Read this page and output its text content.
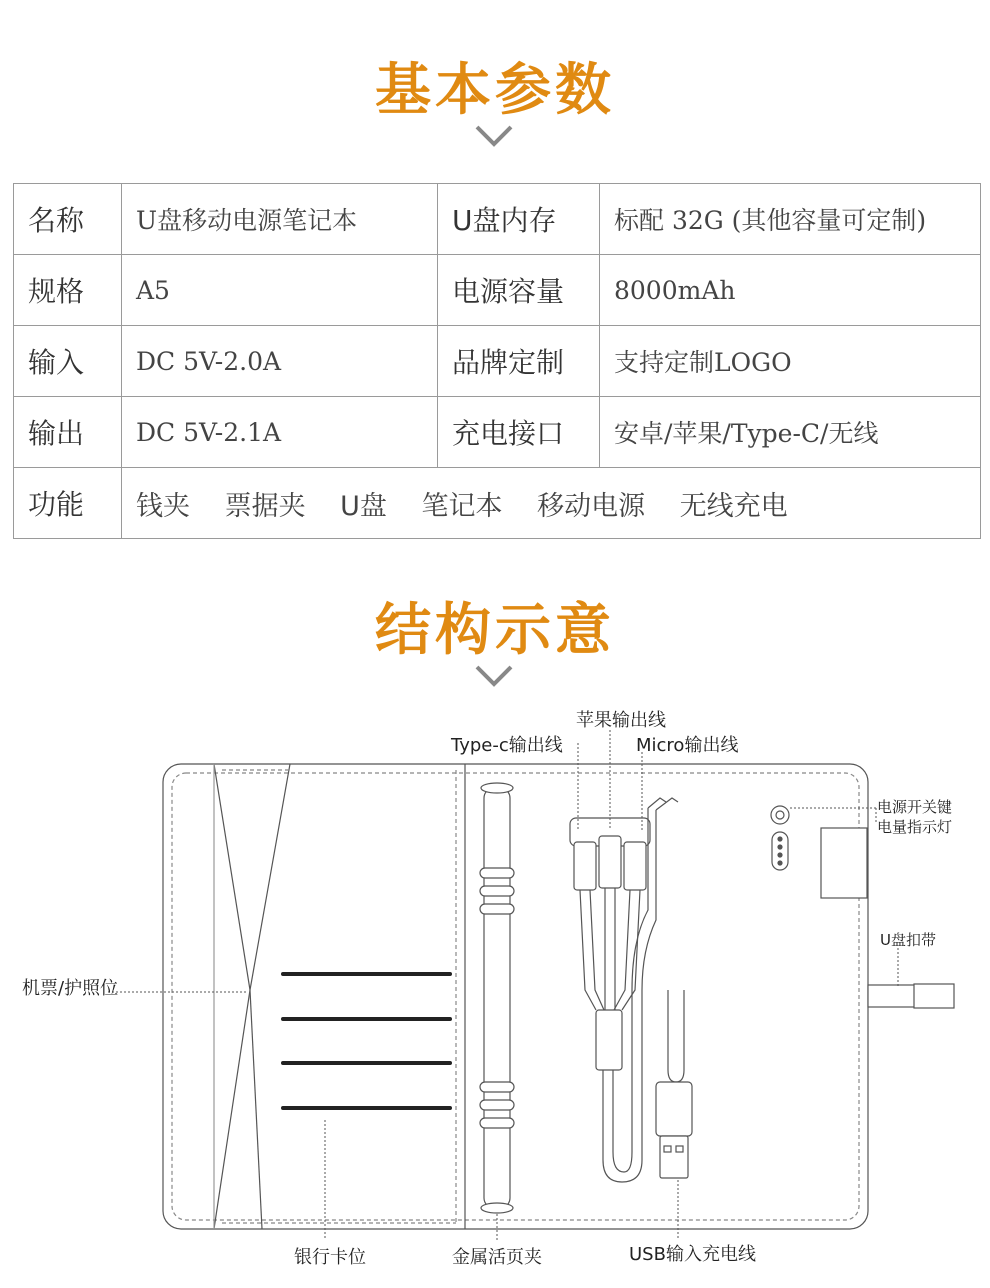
基本参数
名称	U盘移动电源笔记本	U盘内存	标配 32G (其他容量可定制)
规格	A5	电源容量	8000mAh
输入	DC 5V-2.0A	品牌定制	支持定制LOGO
输出	DC 5V-2.1A	充电接口	安卓/苹果/Type-C/无线
功能	钱夹 票据夹 U盘 笔记本 移动电源 无线充电		
结构示意
苹果输出线
Type-c输出线	Micro输出线
电源开关键
电量指示灯
U盘扣带
机票/护照位
银行卡位	金属活页夹	USB输入充电线
